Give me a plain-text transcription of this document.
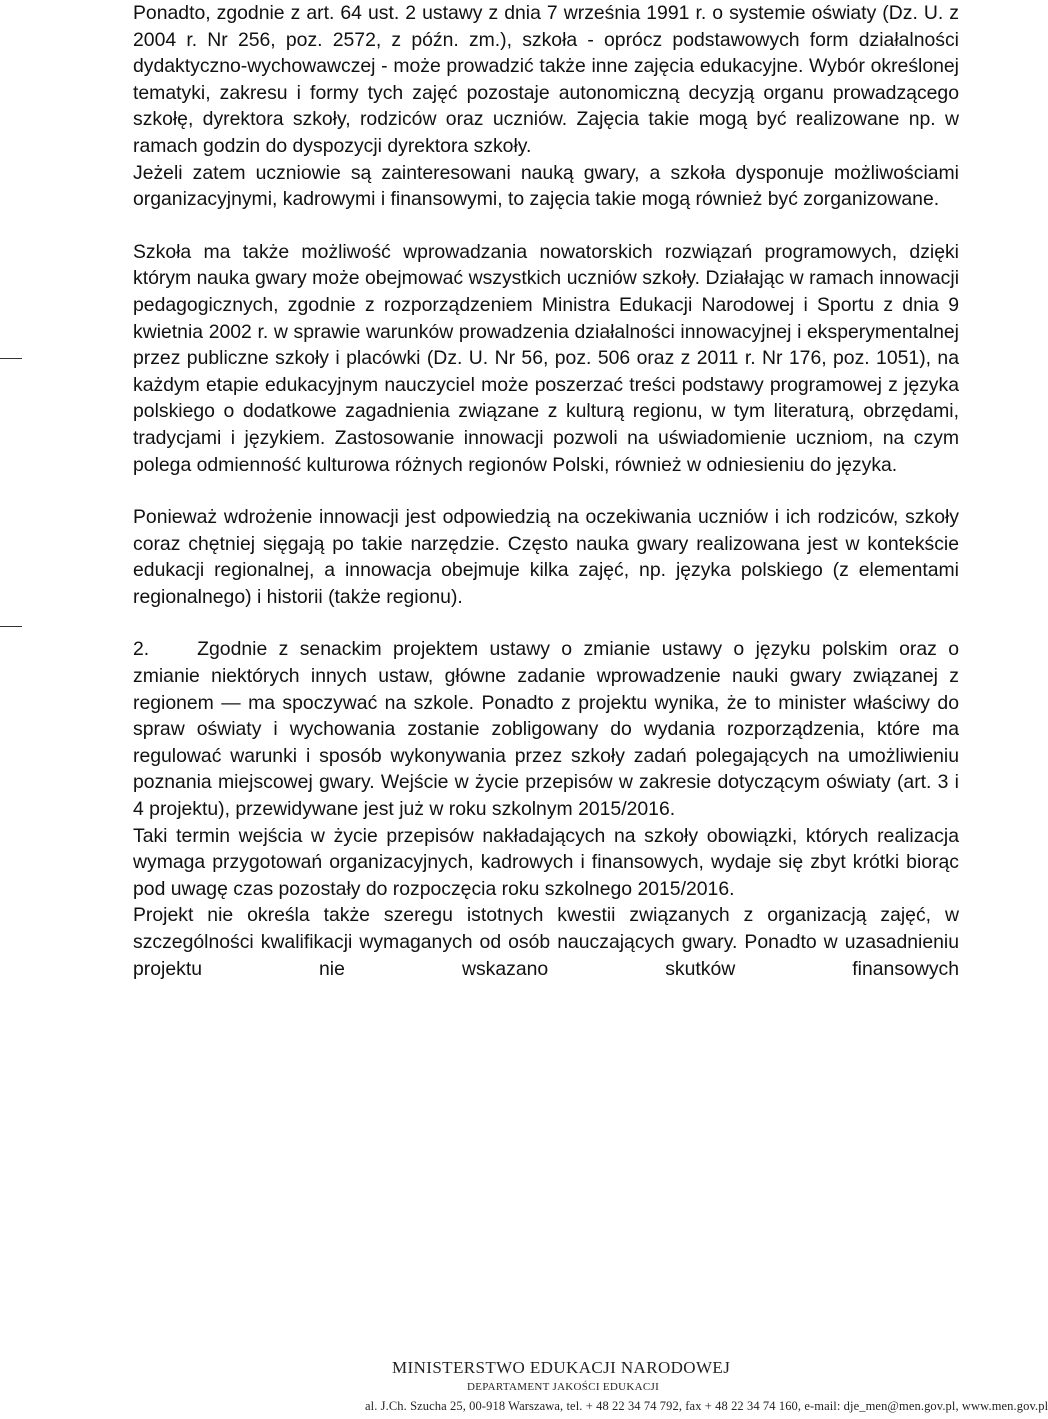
Ponadto, zgodnie z art. 64 ust. 2 ustawy z dnia 7 września 1991 r. o systemie oświaty (Dz. U. z 2004 r. Nr 256, poz. 2572, z późn. zm.), szkoła - oprócz podstawowych form działalności dydaktyczno-wychowawczej - może prowadzić także inne zajęcia edukacyjne. Wybór określonej tematyki, zakresu i formy tych zajęć pozostaje autonomiczną decyzją organu prowadzącego szkołę, dyrektora szkoły, rodziców oraz uczniów. Zajęcia takie mogą być realizowane np. w ramach godzin do dyspozycji dyrektora szkoły.

Jeżeli zatem uczniowie są zainteresowani nauką gwary, a szkoła dysponuje możliwościami organizacyjnymi, kadrowymi i finansowymi, to zajęcia takie mogą również być zorganizowane.

Szkoła ma także możliwość wprowadzania nowatorskich rozwiązań programowych, dzięki którym nauka gwary może obejmować wszystkich uczniów szkoły. Działając w ramach innowacji pedagogicznych, zgodnie z rozporządzeniem Ministra Edukacji Narodowej i Sportu z dnia 9 kwietnia 2002 r. w sprawie warunków prowadzenia działalności innowacyjnej i eksperymentalnej przez publiczne szkoły i placówki (Dz. U. Nr 56, poz. 506 oraz z 2011 r. Nr 176, poz. 1051), na każdym etapie edukacyjnym nauczyciel może poszerzać treści podstawy programowej z języka polskiego o dodatkowe zagadnienia związane z kulturą regionu, w tym literaturą, obrzędami, tradycjami i językiem. Zastosowanie innowacji pozwoli na uświadomienie uczniom, na czym polega odmienność kulturowa różnych regionów Polski, również w odniesieniu do języka.

Ponieważ wdrożenie innowacji jest odpowiedzią na oczekiwania uczniów i ich rodziców, szkoły coraz chętniej sięgają po takie narzędzie. Często nauka gwary realizowana jest w kontekście edukacji regionalnej, a innowacja obejmuje kilka zajęć, np. języka polskiego (z elementami regionalnego) i historii (także regionu).

2. Zgodnie z senackim projektem ustawy o zmianie ustawy o języku polskim oraz o zmianie niektórych innych ustaw, główne zadanie wprowadzenie nauki gwary związanej z regionem — ma spoczywać na szkole. Ponadto z projektu wynika, że to minister właściwy do spraw oświaty i wychowania zostanie zobligowany do wydania rozporządzenia, które ma regulować warunki i sposób wykonywania przez szkoły zadań polegających na umożliwieniu poznania miejscowej gwary. Wejście w życie przepisów w zakresie dotyczącym oświaty (art. 3 i 4 projektu), przewidywane jest już w roku szkolnym 2015/2016.

Taki termin wejścia w życie przepisów nakładających na szkoły obowiązki, których realizacja wymaga przygotowań organizacyjnych, kadrowych i finansowych, wydaje się zbyt krótki biorąc pod uwagę czas pozostały do rozpoczęcia roku szkolnego 2015/2016.

Projekt nie określa także szeregu istotnych kwestii związanych z organizacją zajęć, w szczególności kwalifikacji wymaganych od osób nauczających gwary. Ponadto w uzasadnieniu projektu nie wskazano skutków finansowych

MINISTERSTWO EDUKACJI NARODOWEJ
DEPARTAMENT JAKOŚCI EDUKACJI
al. J.Ch. Szucha 25, 00-918 Warszawa, tel. + 48 22 34 74 792, fax + 48 22 34 74 160, e-mail: dje_men@men.gov.pl, www.men.gov.pl
